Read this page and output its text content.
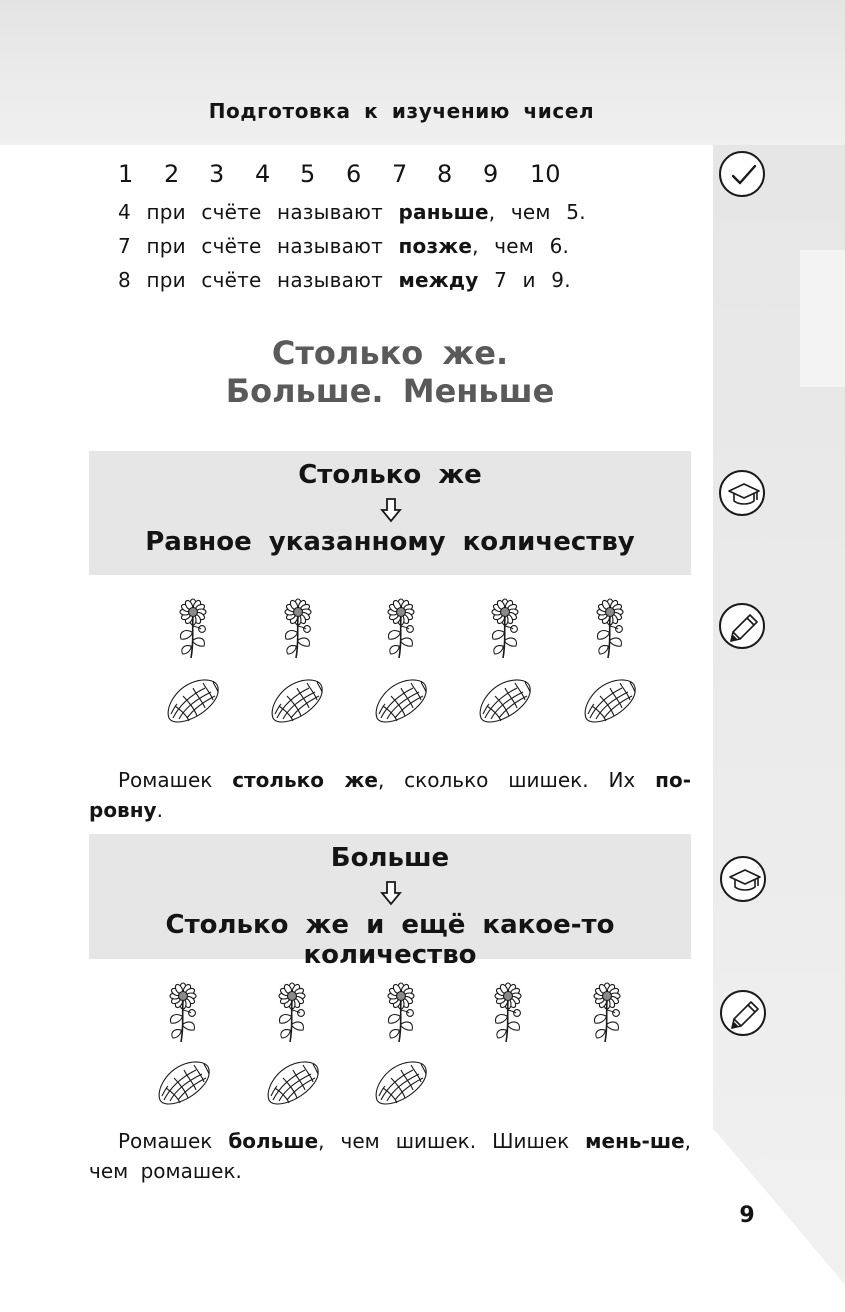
Подготовка к изучению чисел
1 2 3 4 5 6 7 8 9 10
4 при счёте называют раньше, чем 5.
7 при счёте называют позже, чем 6.
8 при счёте называют между 7 и 9.
Столько же.
Больше. Меньше
Столько же
Равное указанному количеству
Ромашек столько же, сколько шишек. Их по-ровну.
Больше
Столько же и ещё какое-то количество
Ромашек больше, чем шишек. Шишек мень-ше, чем ромашек.
9
